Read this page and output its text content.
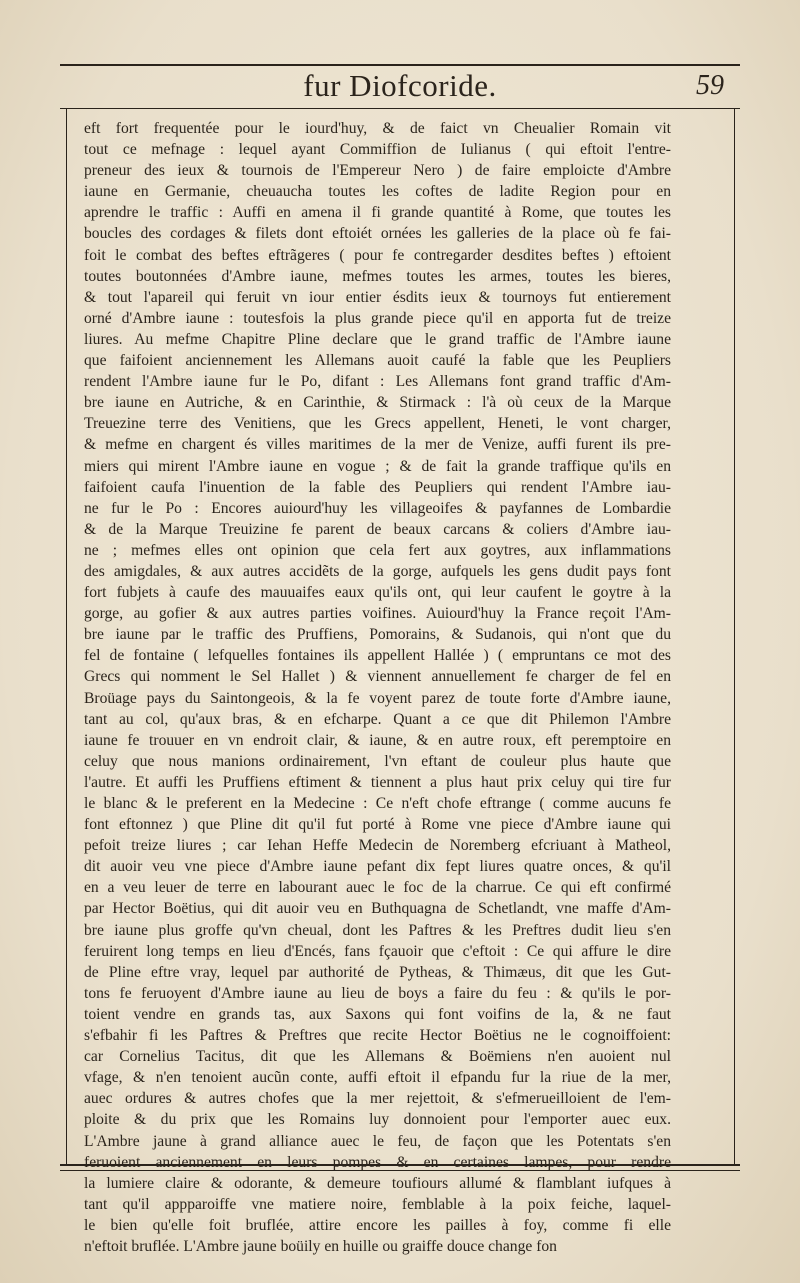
fur Diofcoride.	59
eft fort frequentée pour le iourd'huy, & de faict vn Cheualier Romain vit
tout ce mefnage : lequel ayant Commiffion de Iulianus ( qui eftoit l'entre-
preneur des ieux & tournois de l'Empereur Nero ) de faire emploicte d'Ambre
iaune en Germanie, cheuaucha toutes les coftes de ladite Region pour en
aprendre le traffic : Auffi en amena il fi grande quantité à Rome, que toutes les
boucles des cordages & filets dont eftoiét ornées les galleries de la place où fe fai-
foit le combat des beftes eftrãgeres ( pour fe contregarder desdites beftes ) eftoient
toutes boutonnées d'Ambre iaune, mefmes toutes les armes, toutes les bieres,
& tout l'apareil qui feruit vn iour entier ésdits ieux & tournoys fut entierement
orné d'Ambre iaune : toutesfois la plus grande piece qu'il en apporta fut de treize
liures. Au mefme Chapitre Pline declare que le grand traffic de l'Ambre iaune
que faifoient anciennement les Allemans auoit caufé la fable que les Peupliers
rendent l'Ambre iaune fur le Po, difant : Les Allemans font grand traffic d'Am-
bre iaune en Autriche, & en Carinthie, & Stirmack : l'à où ceux de la Marque
Treuezine terre des Venitiens, que les Grecs appellent, Heneti, le vont charger,
& mefme en chargent és villes maritimes de la mer de Venize, auffi furent ils pre-
miers qui mirent l'Ambre iaune en vogue ; & de fait la grande traffique qu'ils en
faifoient caufa l'inuention de la fable des Peupliers qui rendent l'Ambre iau-
ne fur le Po : Encores auiourd'huy les villageoifes & payfannes de Lombardie
& de la Marque Treuizine fe parent de beaux carcans & coliers d'Ambre iau-
ne ; mefmes elles ont opinion que cela fert aux goytres, aux inflammations
des amigdales, & aux autres accidẽts de la gorge, aufquels les gens dudit pays font
fort fubjets à caufe des mauuaifes eaux qu'ils ont, qui leur caufent le goytre à la
gorge, au gofier & aux autres parties voifines. Auiourd'huy la France reçoit l'Am-
bre iaune par le traffic des Pruffiens, Pomorains, & Sudanois, qui n'ont que du
fel de fontaine ( lefquelles fontaines ils appellent Hallée ) ( empruntans ce mot des
Grecs qui nomment le Sel Hallet ) & viennent annuellement fe charger de fel en
Broüage pays du Saintongeois, & la fe voyent parez de toute forte d'Ambre iaune,
tant au col, qu'aux bras, & en efcharpe. Quant a ce que dit Philemon l'Ambre
iaune fe trouuer en vn endroit clair, & iaune, & en autre roux, eft peremptoire en
celuy que nous manions ordinairement, l'vn eftant de couleur plus haute que
l'autre. Et auffi les Pruffiens eftiment & tiennent a plus haut prix celuy qui tire fur
le blanc & le preferent en la Medecine : Ce n'eft chofe eftrange ( comme aucuns fe
font eftonnez ) que Pline dit qu'il fut porté à Rome vne piece d'Ambre iaune qui
pefoit treize liures ; car Iehan Heffe Medecin de Noremberg efcriuant à Matheol,
dit auoir veu vne piece d'Ambre iaune pefant dix fept liures quatre onces, & qu'il
en a veu leuer de terre en labourant auec le foc de la charrue. Ce qui eft confirmé
par Hector Boëtius, qui dit auoir veu en Buthquagna de Schetlandt, vne maffe d'Am-
bre iaune plus groffe qu'vn cheual, dont les Paftres & les Preftres dudit lieu s'en
feruirent long temps en lieu d'Encés, fans fçauoir que c'eftoit : Ce qui affure le dire
de Pline eftre vray, lequel par authorité de Pytheas, & Thimæus, dit que les Gut-
tons fe feruoyent d'Ambre iaune au lieu de boys a faire du feu : & qu'ils le por-
toient vendre en grands tas, aux Saxons qui font voifins de la, & ne faut
s'efbahir fi les Paftres & Preftres que recite Hector Boëtius ne le cognoiffoient:
car Cornelius Tacitus, dit que les Allemans & Boëmiens n'en auoient nul
vfage, & n'en tenoient aucũn conte, auffi eftoit il efpandu fur la riue de la mer,
auec ordures & autres chofes que la mer rejettoit, & s'efmerueilloient de l'em-
ploite & du prix que les Romains luy donnoient pour l'emporter auec eux.
L'Ambre jaune à grand alliance auec le feu, de façon que les Potentats s'en
feruoient anciennement en leurs pompes & en certaines lampes, pour rendre
la lumiere claire & odorante, & demeure toufiours allumé & flamblant iufques à
tant qu'il appparoiffe vne matiere noire, femblable à la poix feiche, laquel-
le bien qu'elle foit bruflée, attire encore les pailles à foy, comme fi elle
n'eftoit bruflée. L'Ambre jaune boüily en huille ou graiffe douce change fon
